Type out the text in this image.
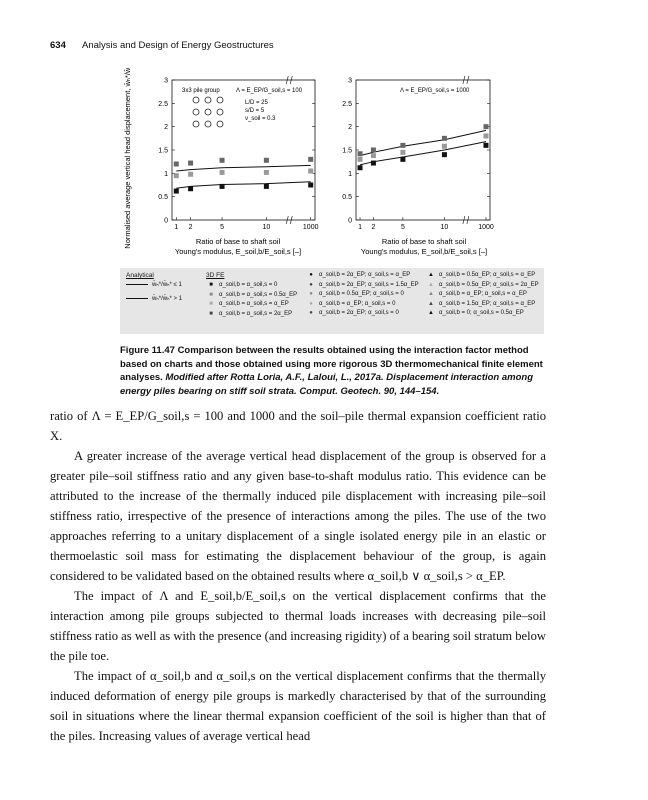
634 Analysis and Design of Energy Geostructures
Normalised average vertical head displacement, w̄ₕ*/w̄ₕ* [–]	0
0.5
1
1.5
2
2.5
3
1 2	5	10	1000
3x3 pile group	Λ = E_EP/G_soil,s = 100
L/D = 25
s/D = 5
ν_soil = 0.3
Ratio of base to shaft soil
Young's modulus, E_soil,b/E_soil,s [–]
0
0.5
1
1.5
2
2.5
3
1 2	5	10	1000
Λ = E_EP/G_soil,s = 1000
Ratio of base to shaft soil
Young's modulus, E_soil,b/E_soil,s [–]
Analytical
w̄ₕ*/w̄ₕ* ≤ 1
w̄ₕ*/w̄ₕ* > 1
3D FE
■ α_soil,b = α_soil,s = 0
■ α_soil,b = α_soil,s = 0.5α_EP
■ α_soil,b = α_soil,s = α_EP
■ α_soil,b = α_soil,s = 2α_EP
● α_soil,b = 2α_EP; α_soil,s = α_EP
● α_soil,b = 2α_EP; α_soil,s = 1.5α_EP
● α_soil,b = 0.5α_EP; α_soil,s = 0
● α_soil,b = α_EP; α_soil,s = 0
● α_soil,b = 2α_EP; α_soil,s = 0
▲ α_soil,b = 0.5α_EP; α_soil,s = α_EP
▲ α_soil,b = 0.5α_EP; α_soil,s = 2α_EP
▲ α_soil,b = α_EP; α_soil,s = α_EP
▲ α_soil,b = 1.5α_EP; α_soil,s = α_EP
▲ α_soil,b = 0; α_soil,s = 0.5α_EP
Figure 11.47 Comparison between the results obtained using the interaction factor method based on charts and those obtained using more rigorous 3D thermomechanical finite element analyses. Modified after Rotta Loria, A.F., Laloui, L., 2017a. Displacement interaction among energy piles bearing on stiff soil strata. Comput. Geotech. 90, 144–154.

ratio of Λ = E_EP/G_soil,s = 100 and 1000 and the soil–pile thermal expansion coefficient ratio X.

A greater increase of the average vertical head displacement of the group is observed for a greater pile–soil stiffness ratio and any given base-to-shaft modulus ratio. This evidence can be attributed to the increase of the thermally induced pile displacement with increasing pile–soil stiffness ratio, irrespective of the presence of interactions among the piles. The use of the two approaches referring to a unitary displacement of a single isolated energy pile in an elastic or thermoelastic soil mass for estimating the displacement behaviour of the group, is again considered to be validated based on the obtained results where α_soil,b ∨ α_soil,s > α_EP.

The impact of Λ and E_soil,b/E_soil,s on the vertical displacement confirms that the interaction among pile groups subjected to thermal loads increases with decreasing pile–soil stiffness ratio as well as with the presence (and increasing rigidity) of a bearing soil stratum below the pile toe.

The impact of α_soil,b and α_soil,s on the vertical displacement confirms that the thermally induced deformation of energy pile groups is markedly characterised by that of the surrounding soil in situations where the linear thermal expansion coefficient of the soil is higher than that of the piles. Increasing values of average vertical head
